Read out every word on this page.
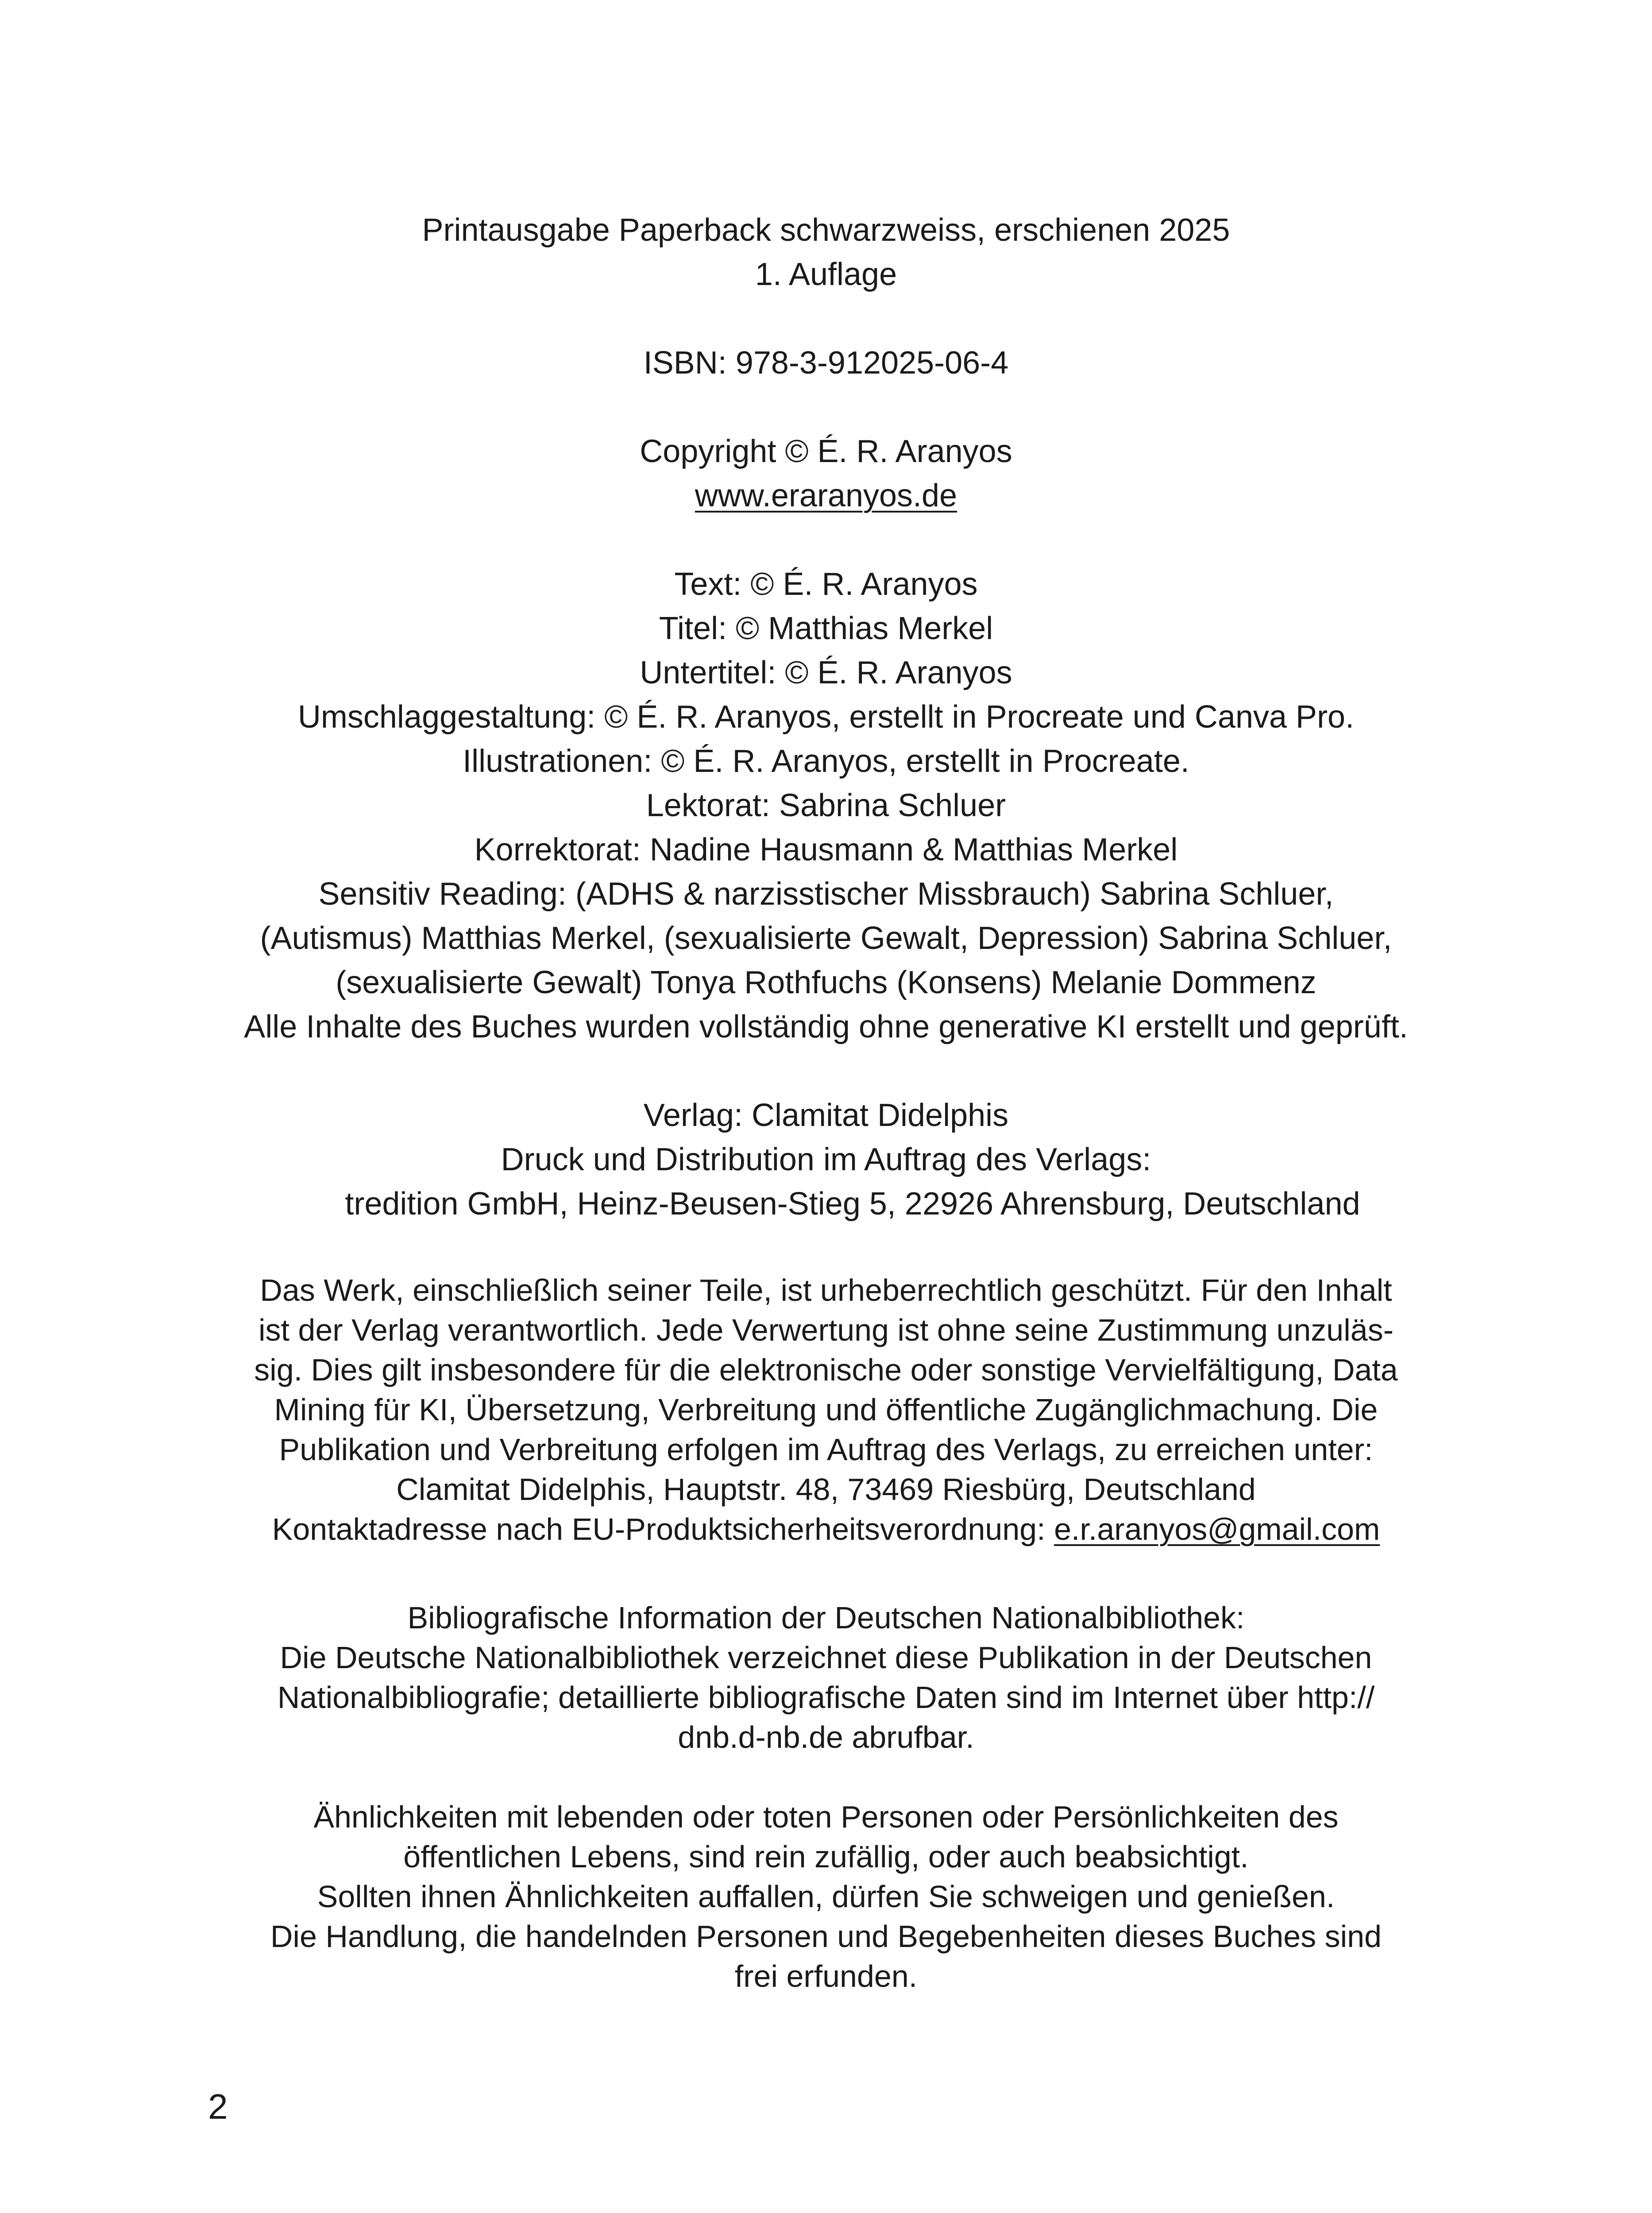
Printausgabe Paperback schwarzweiss, erschienen 2025
1. Auflage
ISBN: 978-3-912025-06-4
Copyright © É. R. Aranyos
www.eraranyos.de
Text: © É. R. Aranyos
Titel: © Matthias Merkel
Untertitel: © É. R. Aranyos
Umschlaggestaltung: © É. R. Aranyos, erstellt in Procreate und Canva Pro.
Illustrationen: © É. R. Aranyos, erstellt in Procreate.
Lektorat: Sabrina Schluer
Korrektorat: Nadine Hausmann & Matthias Merkel
Sensitiv Reading: (ADHS & narzisstischer Missbrauch) Sabrina Schluer,
(Autismus) Matthias Merkel, (sexualisierte Gewalt, Depression) Sabrina Schluer,
(sexualisierte Gewalt) Tonya Rothfuchs (Konsens) Melanie Dommenz
Alle Inhalte des Buches wurden vollständig ohne generative KI erstellt und geprüft.
Verlag: Clamitat Didelphis
Druck und Distribution im Auftrag des Verlags:
tredition GmbH, Heinz-Beusen-Stieg 5, 22926 Ahrensburg, Deutschland
Das Werk, einschließlich seiner Teile, ist urheberrechtlich geschützt. Für den Inhalt
ist der Verlag verantwortlich. Jede Verwertung ist ohne seine Zustimmung unzuläs-
sig. Dies gilt insbesondere für die elektronische oder sonstige Vervielfältigung, Data
Mining für KI, Übersetzung, Verbreitung und öffentliche Zugänglichmachung. Die
Publikation und Verbreitung erfolgen im Auftrag des Verlags, zu erreichen unter:
Clamitat Didelphis, Hauptstr. 48, 73469 Riesbürg, Deutschland
Kontaktadresse nach EU-Produktsicherheitsverordnung: e.r.aranyos@gmail.com
Bibliografische Information der Deutschen Nationalbibliothek:
Die Deutsche Nationalbibliothek verzeichnet diese Publikation in der Deutschen
Nationalbibliografie; detaillierte bibliografische Daten sind im Internet über http://
dnb.d-nb.de abrufbar.
Ähnlichkeiten mit lebenden oder toten Personen oder Persönlichkeiten des
öffentlichen Lebens, sind rein zufällig, oder auch beabsichtigt.
Sollten ihnen Ähnlichkeiten auffallen, dürfen Sie schweigen und genießen.
Die Handlung, die handelnden Personen und Begebenheiten dieses Buches sind
frei erfunden.
2
